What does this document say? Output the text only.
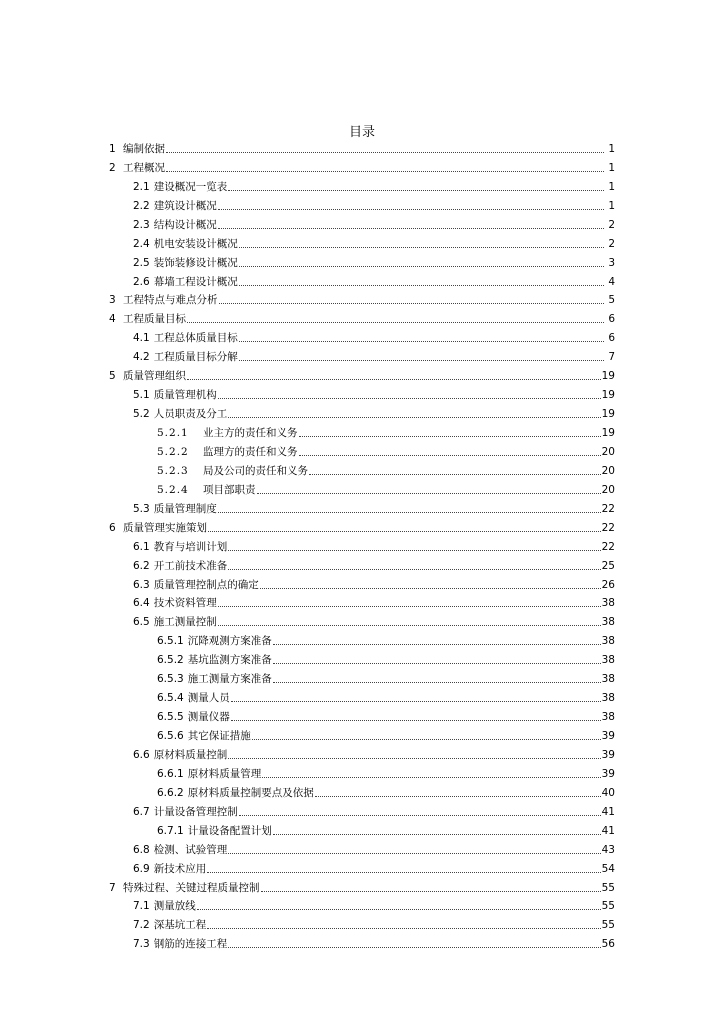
目录
1 编制依据	1
2 工程概况	1
2.1 建设概况一览表	1
2.2 建筑设计概况	1
2.3 结构设计概况	2
2.4 机电安装设计概况	2
2.5 装饰装修设计概况	3
2.6 幕墙工程设计概况	4
3 工程特点与难点分析	5
4 工程质量目标	6
4.1 工程总体质量目标	6
4.2 工程质量目标分解	7
5 质量管理组织	19
5.1 质量管理机构	19
5.2 人员职责及分工	19
5.2.1	业主方的责任和义务	19
5.2.2	监理方的责任和义务	20
5.2.3	局及公司的责任和义务	20
5.2.4	项目部职责	20
5.3 质量管理制度	22
6 质量管理实施策划	22
6.1 教育与培训计划	22
6.2 开工前技术准备	25
6.3 质量管理控制点的确定	26
6.4 技术资料管理	38
6.5 施工测量控制	38
6.5.1 沉降观测方案准备	38
6.5.2 基坑监测方案准备	38
6.5.3 施工测量方案准备	38
6.5.4 测量人员	38
6.5.5 测量仪器	38
6.5.6 其它保证措施	39
6.6 原材料质量控制	39
6.6.1 原材料质量管理	39
6.6.2 原材料质量控制要点及依据	40
6.7 计量设备管理控制	41
6.7.1 计量设备配置计划	41
6.8 检测、试验管理	43
6.9 新技术应用	54
7 特殊过程、关键过程质量控制	55
7.1 测量放线	55
7.2 深基坑工程	55
7.3 钢筋的连接工程	56
